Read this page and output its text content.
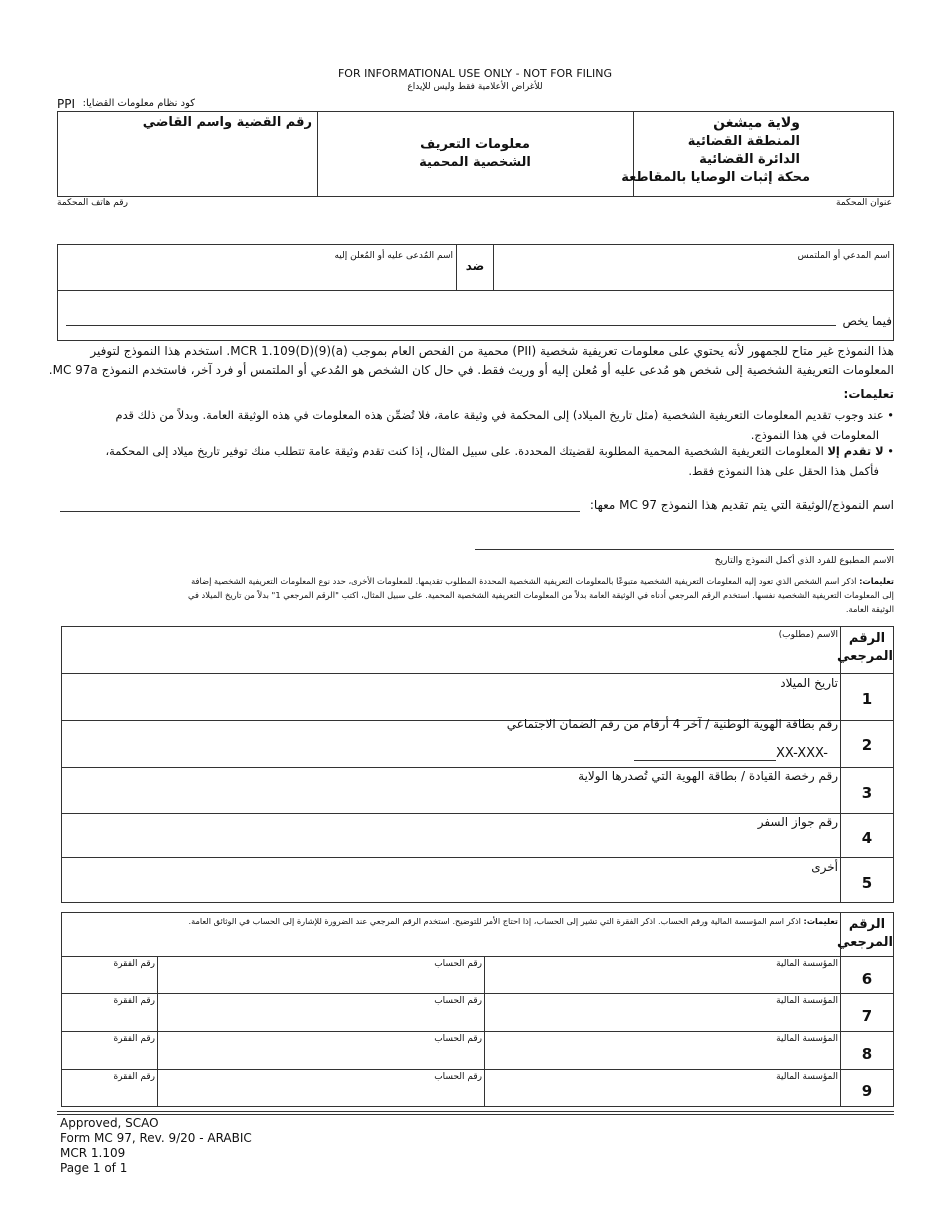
FOR INFORMATIONAL USE ONLY - NOT FOR FILING
للأغراض الأعلامية فقط وليس للإيداع
كود نظام معلومات القضايا:
PPI
ولاية ميشغن
المنطقة القضائية
الدائرة القضائية
محكة إثبات الوصايا بالمقاطعة
معلومات التعريف
الشخصية المحمية
رقم القضية واسم القاضي
عنوان المحكمة
رقم هاتف المحكمة
اسم المدعي أو الملتمس
ضد
اسم المُدعى عليه أو المُعلن إليه
فيما يخص
هذا النموذج غير متاح للجمهور لأنه يحتوي على معلومات تعريفية شخصية (PII) محمية من الفحص العام بموجب MCR 1.109(D)(9)(a). استخدم هذا النموذج لتوفير
المعلومات التعريفية الشخصية إلى شخص هو مُدعى عليه أو مُعلن إليه أو وريث فقط. في حال كان الشخص هو المُدعي أو الملتمس أو فرد آخر، فاستخدم النموذج MC 97a.
تعليمات:
• عند وجوب تقديم المعلومات التعريفية الشخصية (مثل تاريخ الميلاد) إلى المحكمة في وثيقة عامة، فلا تُضمِّن هذه المعلومات في هذه الوثيقة العامة. وبدلاً من ذلك قدم
المعلومات في هذا النموذج.
• لا تقدم إلا المعلومات التعريفية الشخصية المحمية المطلوبة لقضيتك المحددة. على سبيل المثال، إذا كنت تقدم وثيقة عامة تتطلب منك توفير تاريخ ميلاد إلى المحكمة،
فأكمل هذا الحقل على هذا النموذج فقط.
اسم النموذج/الوثيقة التي يتم تقديم هذا النموذج MC 97 معها:
الاسم المطبوع للفرد الذي أكمل النموذج والتاريخ
تعليمات: اذكر اسم الشخص الذي تعود إليه المعلومات التعريفية الشخصية متبوعًا بالمعلومات التعريفية الشخصية المحددة المطلوب تقديمها. للمعلومات الأخرى، حدد نوع المعلومات التعريفية الشخصية إضافة
إلى المعلومات التعريفية الشخصية نفسها. استخدم الرقم المرجعي أدناه في الوثيقة العامة بدلاً من المعلومات التعريفية الشخصية المحمية. على سبيل المثال، اكتب "الرقم المرجعي 1" بدلاً من تاريخ الميلاد في
الوثيقة العامة.
الرقم المرجعي
الاسم (مطلوب)
1
تاريخ الميلاد
2
رقم بطاقة الهوية الوطنية / آخر 4 أرقام من رقم الضمان الاجتماعي
XX-XXX-
3
رقم رخصة القيادة / بطاقة الهوية التي تُصدرها الولاية
4
رقم جواز السفر
5
أخرى
الرقم المرجعي
تعليمات: اذكر اسم المؤسسة المالية ورقم الحساب. اذكر الفقرة التي تشير إلى الحساب، إذا احتاج الأمر للتوضيح. استخدم الرقم المرجعي عند الضرورة للإشارة إلى الحساب في الوثائق العامة.
6
المؤسسة المالية
رقم الحساب
رقم الفقرة
7
المؤسسة المالية
رقم الحساب
رقم الفقرة
8
المؤسسة المالية
رقم الحساب
رقم الفقرة
9
المؤسسة المالية
رقم الحساب
رقم الفقرة
Approved, SCAO
Form MC 97, Rev. 9/20 - ARABIC
MCR 1.109
Page 1 of 1
